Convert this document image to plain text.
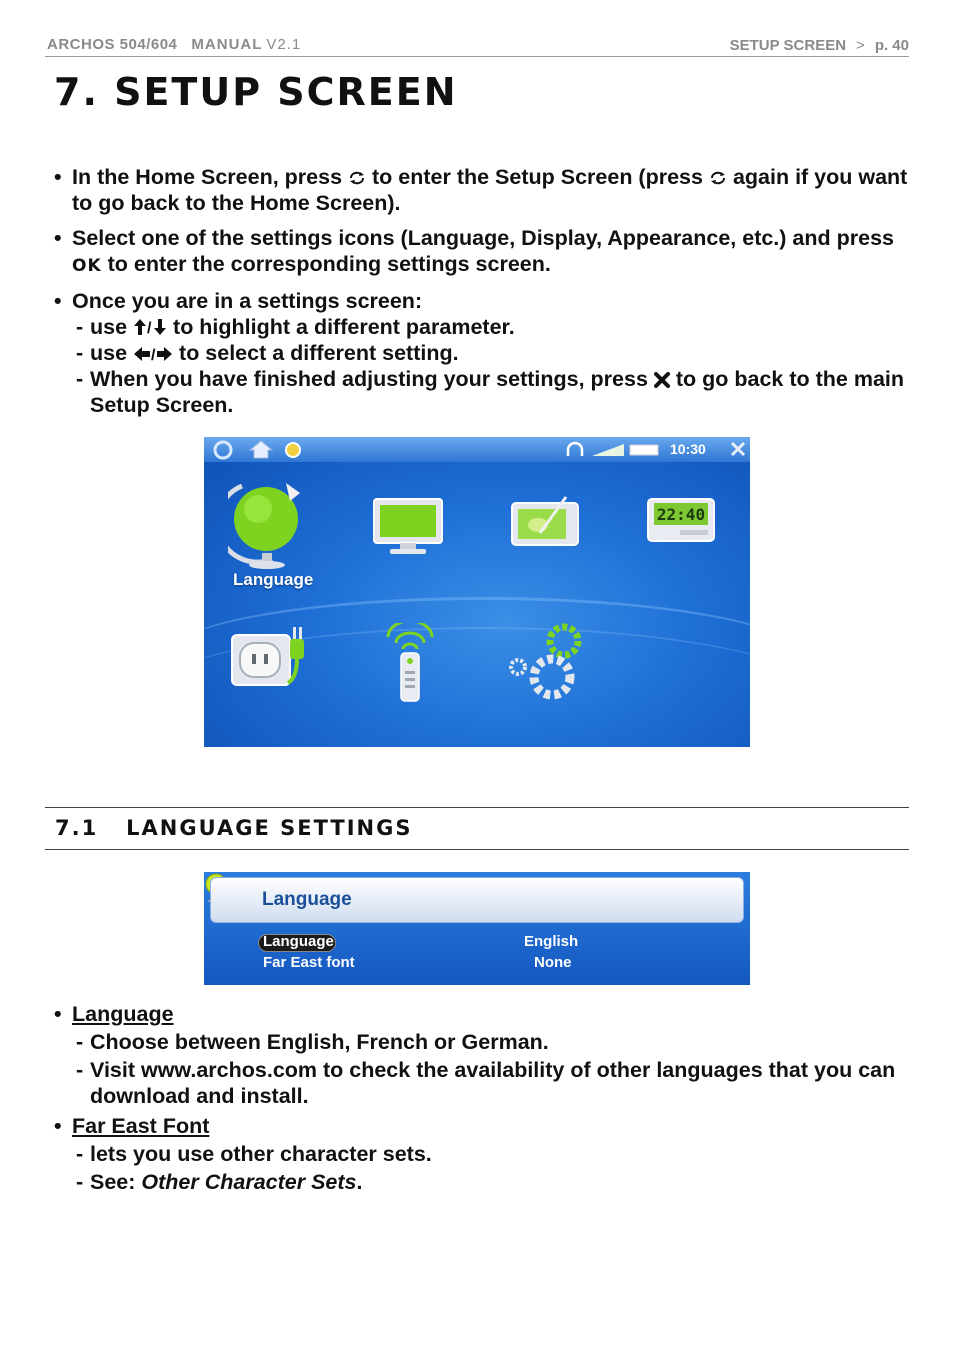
ARCHOS 504/604 MANUAL V2.1	SETUP SCREEN > p. 40
7. SETUP SCREEN
• In the Home Screen, press to enter the Setup Screen (press again if you want to go back to the Home Screen).
• Select one of the settings icons (Language, Display, Appearance, etc.) and press OK to enter the corresponding settings screen.
• Once you are in a settings screen:
- use / to highlight a different parameter.
- use / to select a different setting.
- When you have finished adjusting your settings, press to go back to the main Setup Screen.
10:30
22:40
Language
7.1   LANGUAGE SETTINGS

Language
Language
Far East font

English
None

• Language
- Choose between English, French or German.
- Visit www.archos.com to check the availability of other languages that you can download and install.
• Far East Font
- lets you use other character sets.
- See: Other Character Sets.
